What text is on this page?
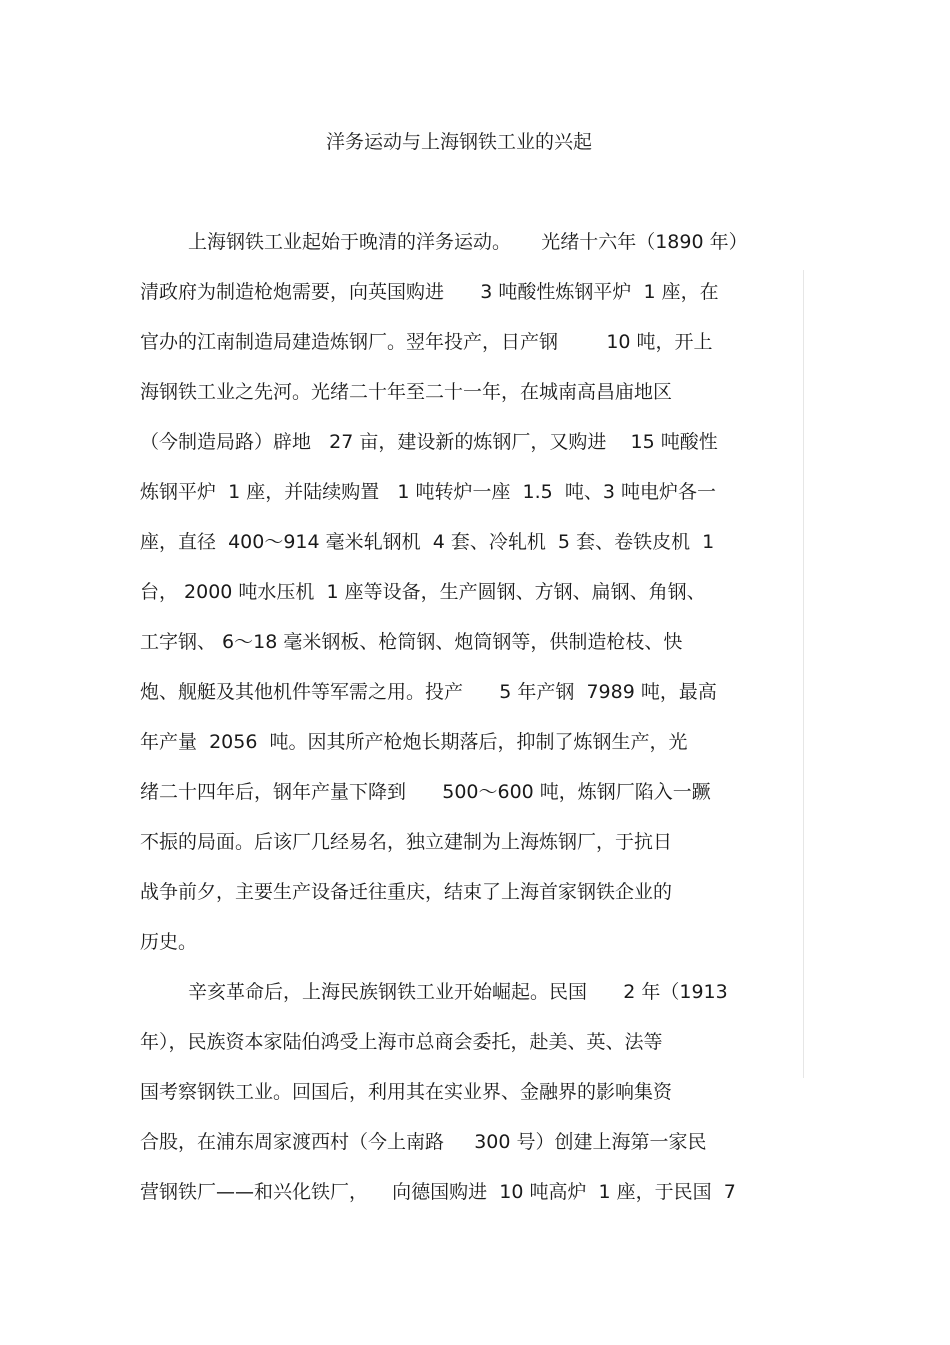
洋务运动与上海钢铁工业的兴起
上海钢铁工业起始于晚清的洋务运动。     光绪十六年（1890 年）
清政府为制造枪炮需要，向英国购进      3 吨酸性炼钢平炉  1 座，在
官办的江南制造局建造炼钢厂。翌年投产，日产钢        10 吨，开上
海钢铁工业之先河。光绪二十年至二十一年，在城南高昌庙地区
（今制造局路）辟地   27 亩，建设新的炼钢厂，又购进    15 吨酸性
炼钢平炉  1 座，并陆续购置   1 吨转炉一座  1.5  吨、3 吨电炉各一
座，直径  400～914 毫米轧钢机  4 套、冷轧机  5 套、卷铁皮机  1
台， 2000 吨水压机  1 座等设备，生产圆钢、方钢、扁钢、角钢、
工字钢、 6～18 毫米钢板、枪筒钢、炮筒钢等，供制造枪枝、快
炮、舰艇及其他机件等军需之用。投产      5 年产钢  7989 吨，最高
年产量  2056  吨。因其所产枪炮长期落后，抑制了炼钢生产，光
绪二十四年后，钢年产量下降到      500～600 吨，炼钢厂陷入一蹶
不振的局面。后该厂几经易名，独立建制为上海炼钢厂，于抗日
战争前夕，主要生产设备迁往重庆，结束了上海首家钢铁企业的
历史。
辛亥革命后，上海民族钢铁工业开始崛起。民国      2 年（1913
年），民族资本家陆伯鸿受上海市总商会委托，赴美、英、法等
国考察钢铁工业。回国后，利用其在实业界、金融界的影响集资
合股，在浦东周家渡西村（今上南路     300 号）创建上海第一家民
营钢铁厂——和兴化铁厂，    向德国购进  10 吨高炉  1 座，于民国  7
